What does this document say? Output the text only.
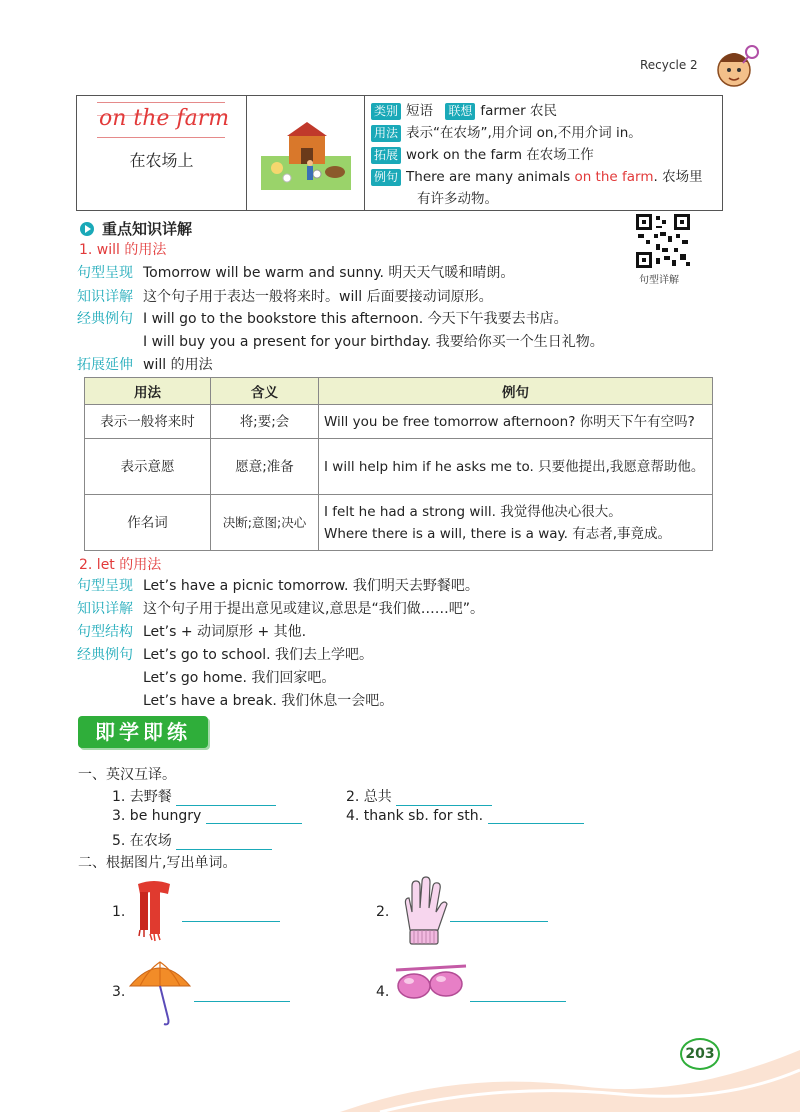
Recycle 2
on the farm
在农场上
类别 短语 联想 farmer 农民
用法 表示“在农场”,用介词 on,不用介词 in。
拓展 work on the farm 在农场工作
例句 There are many animals on the farm. 农场里
有许多动物。
重点知识详解
句型详解
1. will 的用法
句型呈现 Tomorrow will be warm and sunny. 明天天气暖和晴朗。
知识详解 这个句子用于表达一般将来时。will 后面要接动词原形。
经典例句 I will go to the bookstore this afternoon. 今天下午我要去书店。
I will buy you a present for your birthday. 我要给你买一个生日礼物。
拓展延伸 will 的用法
用法	含义	例句
表示一般将来时	将;要;会	Will you be free tomorrow afternoon? 你明天下午有空吗?
表示意愿	愿意;准备	I will help him if he asks me to. 只要他提出,我愿意帮助他。
作名词	决断;意图;决心	I felt he had a strong will. 我觉得他决心很大。
Where there is a will, there is a way. 有志者,事竟成。
2. let 的用法
句型呈现 Let’s have a picnic tomorrow. 我们明天去野餐吧。
知识详解 这个句子用于提出意见或建议,意思是“我们做……吧”。
句型结构 Let’s + 动词原形 + 其他.
经典例句 Let’s go to school. 我们去上学吧。
Let’s go home. 我们回家吧。
Let’s have a break. 我们休息一会吧。
即学即练
一、英汉互译。
1. 去野餐	2. 总共
3. be hungry	4. thank sb. for sth.
5. 在农场
二、根据图片,写出单词。
1.	2.
3.	4.
203
